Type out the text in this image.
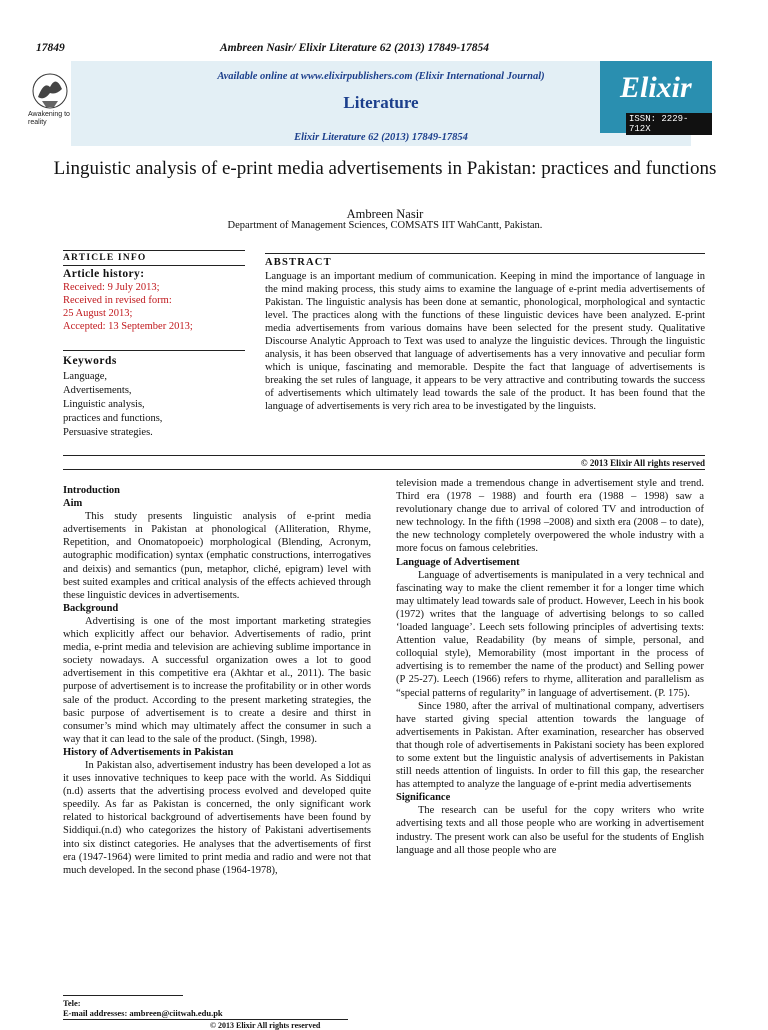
17849	Ambreen Nasir/ Elixir Literature 62 (2013) 17849-17854
Awakening to reality
Elixir
ISSN: 2229-712X
Available online at www.elixirpublishers.com (Elixir International Journal)
Literature
Elixir Literature 62 (2013) 17849-17854
Linguistic analysis of e-print media advertisements in Pakistan: practices and functions
Ambreen Nasir
Department of Management Sciences, COMSATS IIT WahCantt, Pakistan.
ARTICLE INFO
Article history:
Received: 9 July 2013;
Received in revised form:
25 August 2013;
Accepted: 13 September 2013;
Keywords
Language,
Advertisements,
Linguistic analysis,
practices and functions,
Persuasive strategies.
ABSTRACT
Language is an important medium of communication. Keeping in mind the importance of language in the mind making process, this study aims to examine the language of e-print media advertisements of Pakistan. The linguistic analysis has been done at semantic, phonological, morphological and syntactic level. The practices along with the functions of these linguistic devices have been analyzed. E-print media advertisements from various domains have been selected for the present study. Qualitative Discourse Analytic Approach to Text was used to analyze the linguistic devices. Through the linguistic analysis, it has been observed that language of advertisements has a very innovative and peculiar form which is unique, fascinating and memorable. Despite the fact that language of advertisements is breaking the set rules of language, it appears to be very attractive and contributing towards the success of advertisements which ultimately lead towards the sale of the product. It has been found that the language of advertisements is very rich area to be investigated by the linguists.
© 2013 Elixir All rights reserved

Introduction

Aim

This study presents linguistic analysis of e-print media advertisements in Pakistan at phonological (Alliteration, Rhyme, Repetition, and Onomatopoeic) morphological (Blending, Acronym, autographic modification) syntax (emphatic constructions, interrogatives and deixis) and semantics (pun, metaphor, cliché, epigram) level with best suited examples and critical analysis of the effects achieved through these linguistic devices in advertisements.

Background

Advertising is one of the most important marketing strategies which explicitly affect our behavior. Advertisements of radio, print media, e-print media and television are achieving sublime importance in society nowadays. A successful organization owes a lot to good advertisement in this competitive era (Akhtar et al., 2011). The basic purpose of advertisement is to increase the profitability or in other words sale of the product. According to the present marketing strategies, the basic purpose of advertisement is to create a desire and thirst in consumer’s mind which may ultimately affect the consumer in such a way that it can lead to the sale of the product. (Singh, 1998).

History of Advertisements in Pakistan

In Pakistan also, advertisement industry has been developed a lot as it uses innovative techniques to keep pace with the world. As Siddiqui (n.d) asserts that the advertising process evolved and developed quite speedily. As far as Pakistan is concerned, the only significant work related to historical background of advertisements have been found by Siddiqui.(n.d) who categorizes the history of Pakistani advertisements into six distinct categories. He analyses that the advertisements of first era (1947-1964) were limited to print media and radio and were not that much developed. In the second phase (1964-1978),

television made a tremendous change in advertisement style and trend. Third era (1978 – 1988) and fourth era (1988 – 1998) saw a revolutionary change due to arrival of colored TV and introduction of new technology. In the fifth (1998 –2008) and sixth era (2008 – to date), the new technology completely overpowered the whole industry with a more focus on famous celebrities.

Language of Advertisement

Language of advertisements is manipulated in a very technical and fascinating way to make the client remember it for a longer time which may ultimately lead towards sale of product. However, Leech in his book (1972) writes that the language of advertising belongs to so called ‘loaded language’. Leech sets following principles of advertising texts: Attention value, Readability (by means of simple, personal, and colloquial style), Memorability (most important in the process of advertising is to remember the name of the product) and Selling power (P 25-27). Leech (1966) refers to rhyme, alliteration and parallelism as “special patterns of regularity” in language of advertisement. (P. 175).

Since 1980, after the arrival of multinational company, advertisers have started giving special attention towards the language of advertisements in Pakistan. After examination, researcher has observed that though role of advertisements in Pakistani society has been explored to some extent but the linguistic analysis of advertisements in Pakistan still needs attention of linguists. In order to fill this gap, the researcher has attempted to analyze the language of e-print media advertisements

Significance

The research can be useful for the copy writers who write advertising texts and all those people who are working in advertisement industry. The present work can also be useful for the students of English language and all those people who are

Tele:
E-mail addresses: ambreen@ciitwah.edu.pk
© 2013 Elixir All rights reserved
